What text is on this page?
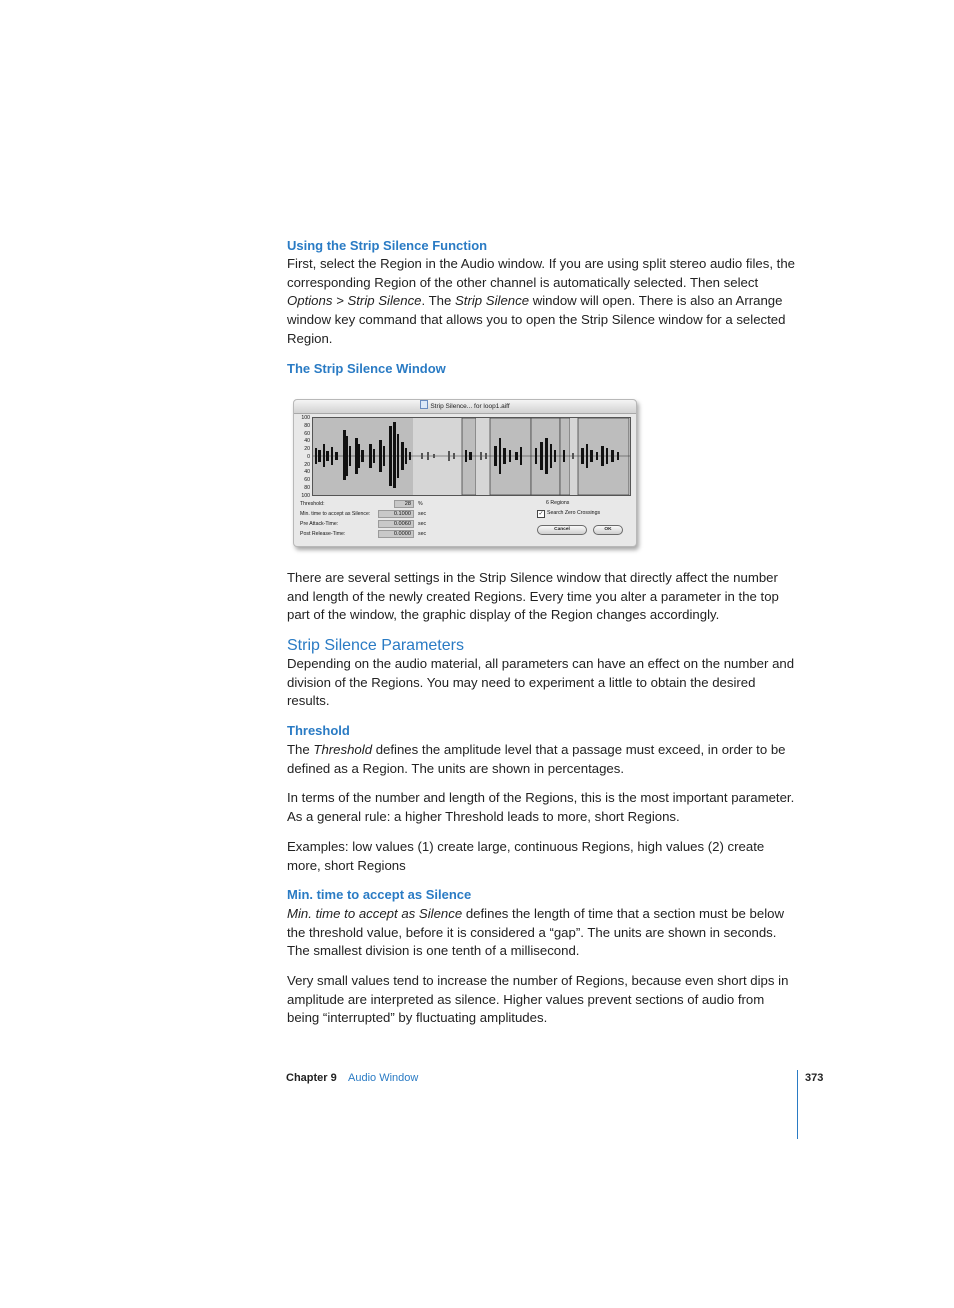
Using the Strip Silence Function

First, select the Region in the Audio window. If you are using split stereo audio files, the corresponding Region of the other channel is automatically selected. Then select
Options > Strip Silence. The Strip Silence window will open. There is also an Arrange window key command that allows you to open the Strip Silence window for a selected Region.

The Strip Silence Window
Strip Silence... for loop1.aiff
100
80
60
40
20
0
20
40
60
80
100
Threshold:	28	%
Min. time to accept as Silence:	0.1000	sec
Pre Attack-Time:	0.0060	sec
Post Release-Time:	0.0000	sec
6 Regions
✓ Search Zero Crossings
Cancel	OK

There are several settings in the Strip Silence window that directly affect the number and length of the newly created Regions. Every time you alter a parameter in the top part of the window, the graphic display of the Region changes accordingly.

Strip Silence Parameters

Depending on the audio material, all parameters can have an effect on the number and division of the Regions. You may need to experiment a little to obtain the desired results.

Threshold

The Threshold defines the amplitude level that a passage must exceed, in order to be defined as a Region. The units are shown in percentages.

In terms of the number and length of the Regions, this is the most important parameter. As a general rule: a higher Threshold leads to more, short Regions.

Examples: low values (1) create large, continuous Regions, high values (2) create more, short Regions

Min. time to accept as Silence

Min. time to accept as Silence defines the length of time that a section must be below the threshold value, before it is considered a “gap”. The units are shown in seconds. The smallest division is one tenth of a millisecond.

Very small values tend to increase the number of Regions, because even short dips in amplitude are interpreted as silence. Higher values prevent sections of audio from being “interrupted” by fluctuating amplitudes.

Chapter 9 Audio Window	373
